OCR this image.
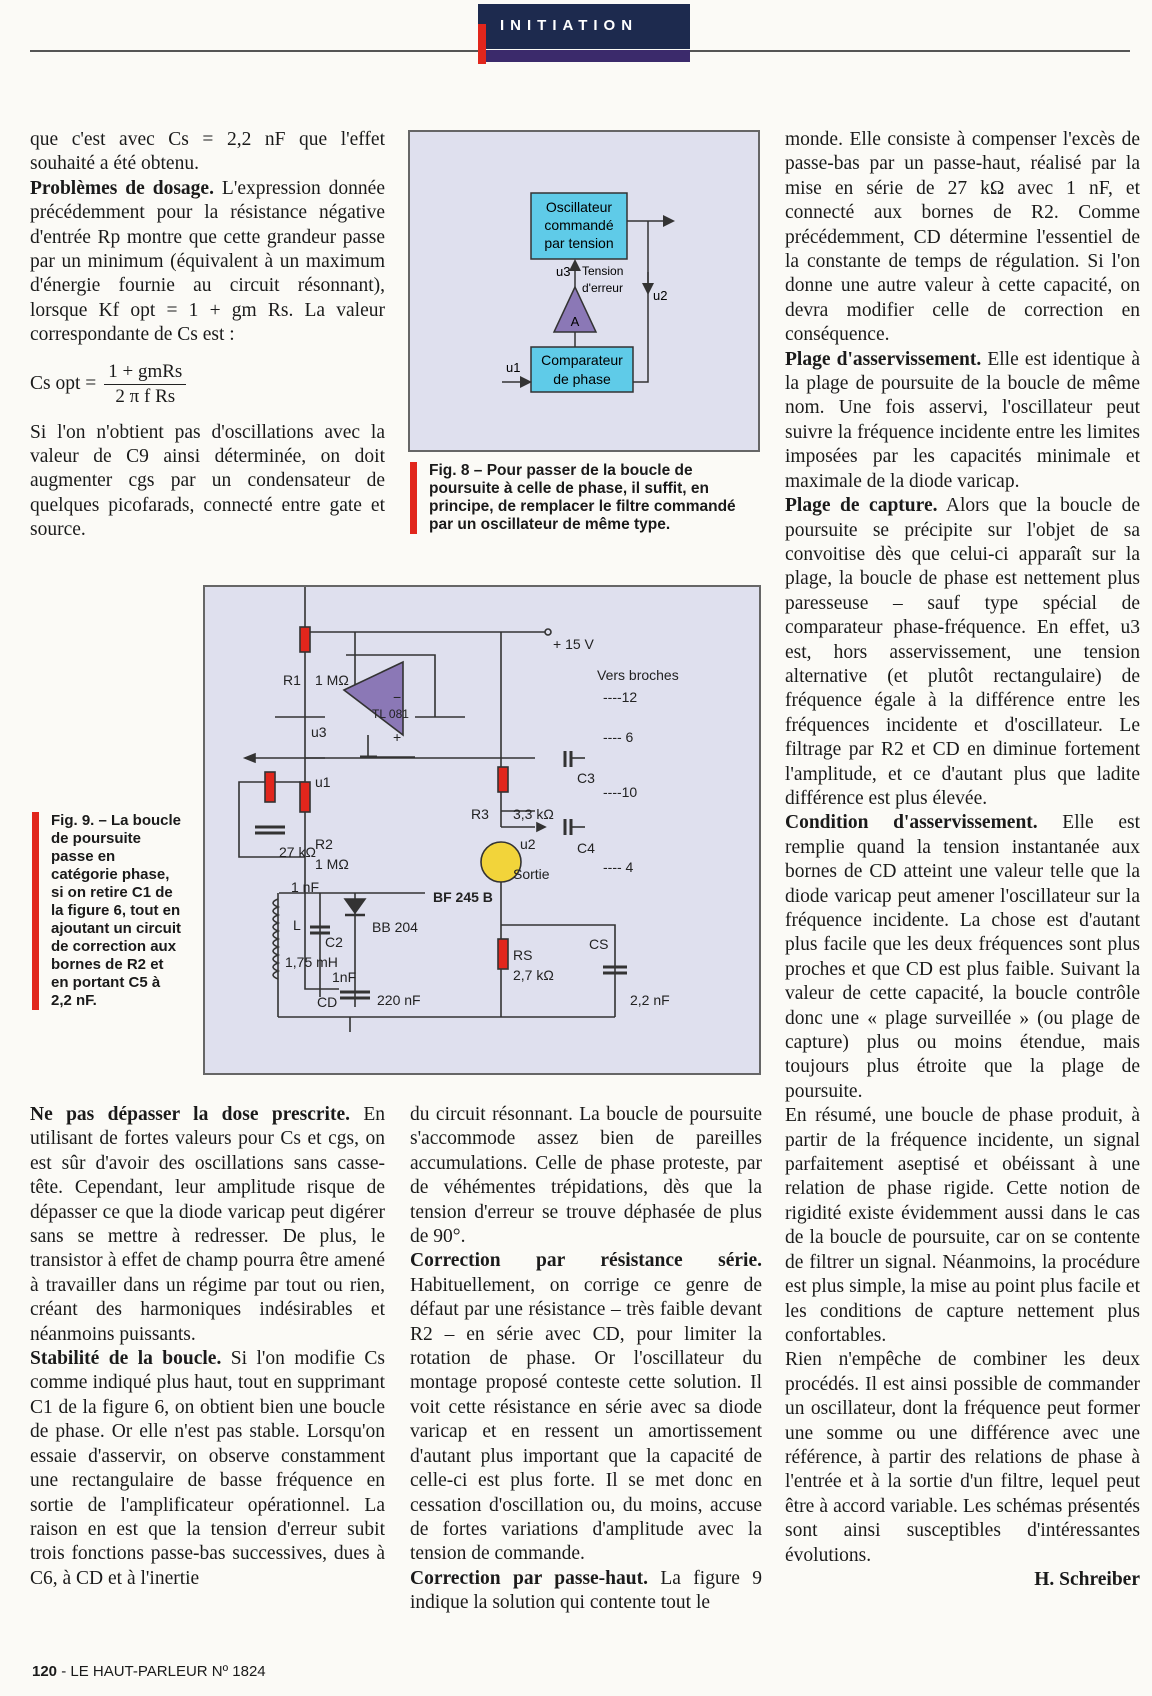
INITIATION

que c'est avec Cs = 2,2 nF que l'effet souhaité a été obtenu.

Problèmes de dosage. L'expression donnée précédemment pour la résistance négative d'entrée Rp montre que cette grandeur passe par un minimum (équivalent à un maximum d'énergie fournie au circuit résonnant), lorsque Kf opt = 1 + gm Rs. La valeur correspondante de Cs est :

Cs opt = $\frac{\text{1 + gmRs}}{\text{2 π f Rs}}$

Si l'on n'obtient pas d'oscillations avec la valeur de C9 ainsi déterminée, on doit augmenter cgs par un condensateur de quelques picofarads, connecté entre gate et source.

Oscillateur
commandé
par tension
Comparateur
de phase
A
u3 Tension
d'erreur u2
u1
Fig. 8 – Pour passer de la boucle de poursuite à celle de phase, il suffit, en principe, de remplacer le filtre commandé par un oscillateur de même type.
+ 15 V
Vers broches
----12
---- 6
----10
---- 4
R1 1 MΩ
TL 081
−
+
u3
u1	C3
R3 3,3 kΩ
27 kΩ R2
1 MΩ
u2	C4
Sortie
1 nF
BF 245 B
L
1,75 mH
C2
1nF
BB 204
CD	220 nF
RS
2,7 kΩ
CS
2,2 nF
Fig. 9. – La boucle de poursuite passe en catégorie phase, si on retire C1 de la figure 6, tout en ajoutant un circuit de correction aux bornes de R2 et en portant C5 à 2,2 nF.

Ne pas dépasser la dose prescrite. En utilisant de fortes valeurs pour Cs et cgs, on est sûr d'avoir des oscillations sans casse-tête. Cependant, leur amplitude risque de dépasser ce que la diode varicap peut digérer sans se mettre à redresser. De plus, le transistor à effet de champ pourra être amené à travailler dans un régime par tout ou rien, créant des harmoniques indésirables et néanmoins puissants.

Stabilité de la boucle. Si l'on modifie Cs comme indiqué plus haut, tout en supprimant C1 de la figure 6, on obtient bien une boucle de phase. Or elle n'est pas stable. Lorsqu'on essaie d'asservir, on observe constamment une rectangulaire de basse fréquence en sortie de l'amplificateur opérationnel. La raison en est que la tension d'erreur subit trois fonctions passe-bas successives, dues à C6, à CD et à l'inertie

du circuit résonnant. La boucle de poursuite s'accommode assez bien de pareilles accumulations. Celle de phase proteste, par de véhémentes trépidations, dès que la tension d'erreur se trouve déphasée de plus de 90°.

Correction par résistance série. Habituellement, on corrige ce genre de défaut par une résistance – très faible devant R2 – en série avec CD, pour limiter la rotation de phase. Or l'oscillateur du montage proposé conteste cette solution. Il voit cette résistance en série avec sa diode varicap et en ressent un amortissement d'autant plus important que la capacité de celle-ci est plus forte. Il se met donc en cessation d'oscillation ou, du moins, accuse de fortes variations d'amplitude avec la tension de commande.

Correction par passe-haut. La figure 9 indique la solution qui contente tout le

monde. Elle consiste à compenser l'excès de passe-bas par un passe-haut, réalisé par la mise en série de 27 kΩ avec 1 nF, et connecté aux bornes de R2. Comme précédemment, CD détermine l'essentiel de la constante de temps de régulation. Si l'on donne une autre valeur à cette capacité, on devra modifier celle de correction en conséquence.

Plage d'asservissement. Elle est identique à la plage de poursuite de la boucle de même nom. Une fois asservi, l'oscillateur peut suivre la fréquence incidente entre les limites imposées par les capacités minimale et maximale de la diode varicap.

Plage de capture. Alors que la boucle de poursuite se précipite sur l'objet de sa convoitise dès que celui-ci apparaît sur la plage, la boucle de phase est nettement plus paresseuse – sauf type spécial de comparateur phase-fréquence. En effet, u3 est, hors asservissement, une tension alternative (et plutôt rectangulaire) de fréquence égale à la différence entre les fréquences incidente et d'oscillateur. Le filtrage par R2 et CD en diminue fortement l'amplitude, et ce d'autant plus que ladite différence est plus élevée.

Condition d'asservissement. Elle est remplie quand la tension instantanée aux bornes de CD atteint une valeur telle que la diode varicap peut amener l'oscillateur sur la fréquence incidente. La chose est d'autant plus facile que les deux fréquences sont plus proches et que CD est plus faible. Suivant la valeur de cette capacité, la boucle contrôle donc une « plage surveillée » (ou plage de capture) plus ou moins étendue, mais toujours plus étroite que la plage de poursuite.

En résumé, une boucle de phase produit, à partir de la fréquence incidente, un signal parfaitement aseptisé et obéissant à une relation de phase rigide. Cette notion de rigidité existe évidemment aussi dans le cas de la boucle de poursuite, car on se contente de filtrer un signal. Néanmoins, la procédure est plus simple, la mise au point plus facile et les conditions de capture nettement plus confortables.

Rien n'empêche de combiner les deux procédés. Il est ainsi possible de commander un oscillateur, dont la fréquence peut former une somme ou une différence avec une référence, à partir des relations de phase à l'entrée et à la sortie d'un filtre, lequel peut être à accord variable. Les schémas présentés sont ainsi susceptibles d'intéressantes évolutions.

H. Schreiber

120 - LE HAUT-PARLEUR Nº 1824
